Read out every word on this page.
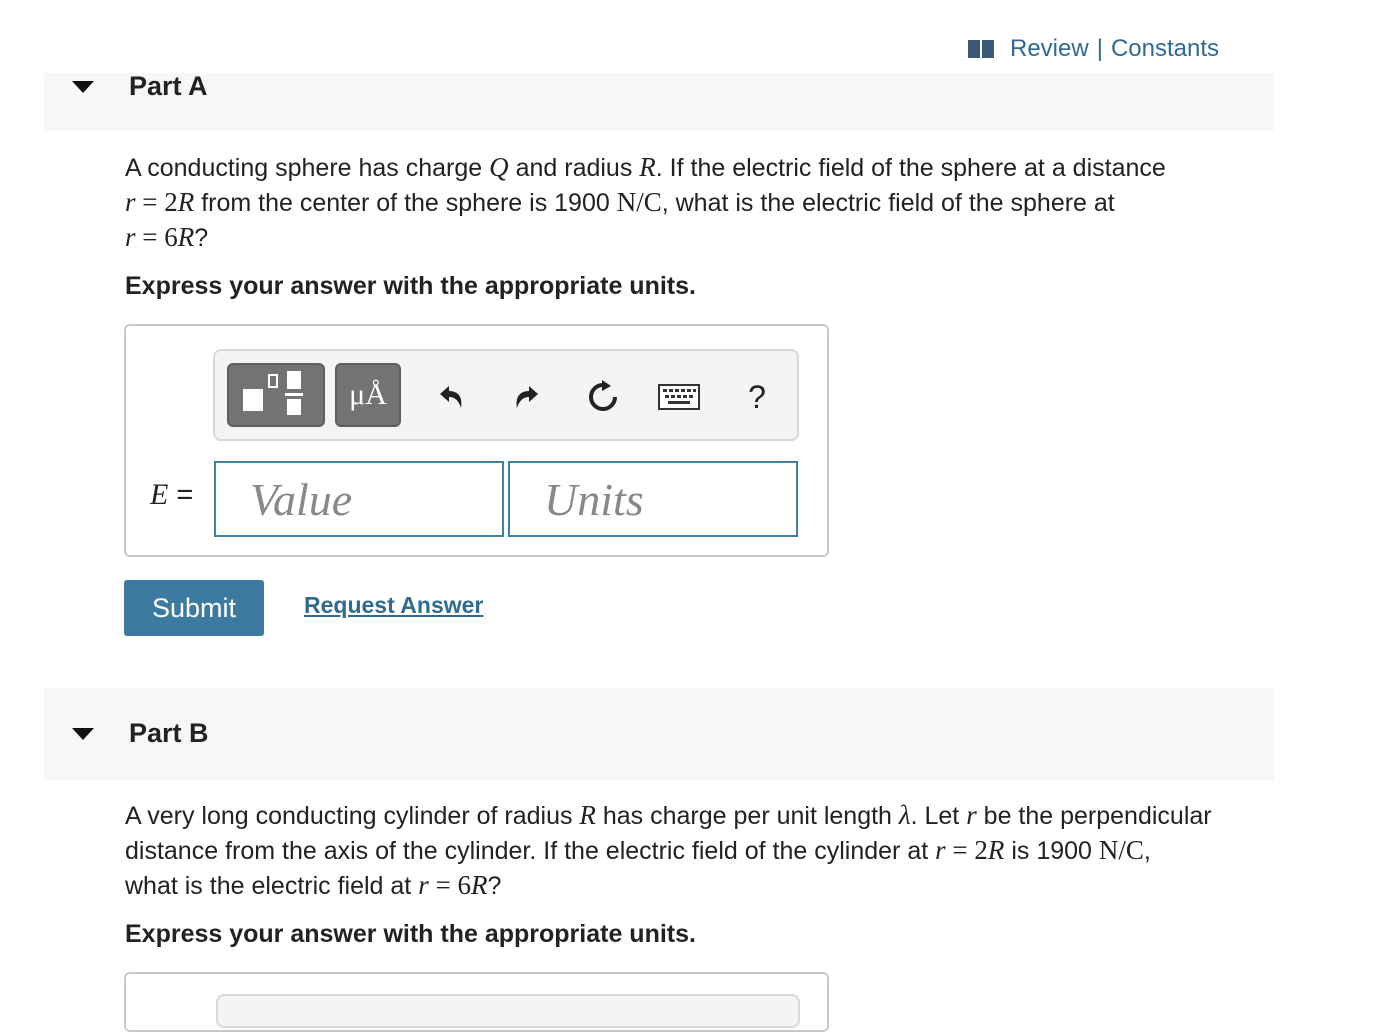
Review | Constants
Part A
A conducting sphere has charge Q and radius R. If the electric field of the sphere at a distance
r = 2R from the center of the sphere is 1900 N/C, what is the electric field of the sphere at
r = 6R?
Express your answer with the appropriate units.
μÅ	?
E = Value	Units
Submit	Request Answer
Part B
A very long conducting cylinder of radius R has charge per unit length λ. Let r be the perpendicular
distance from the axis of the cylinder. If the electric field of the cylinder at r = 2R is 1900 N/C,
what is the electric field at r = 6R?
Express your answer with the appropriate units.
